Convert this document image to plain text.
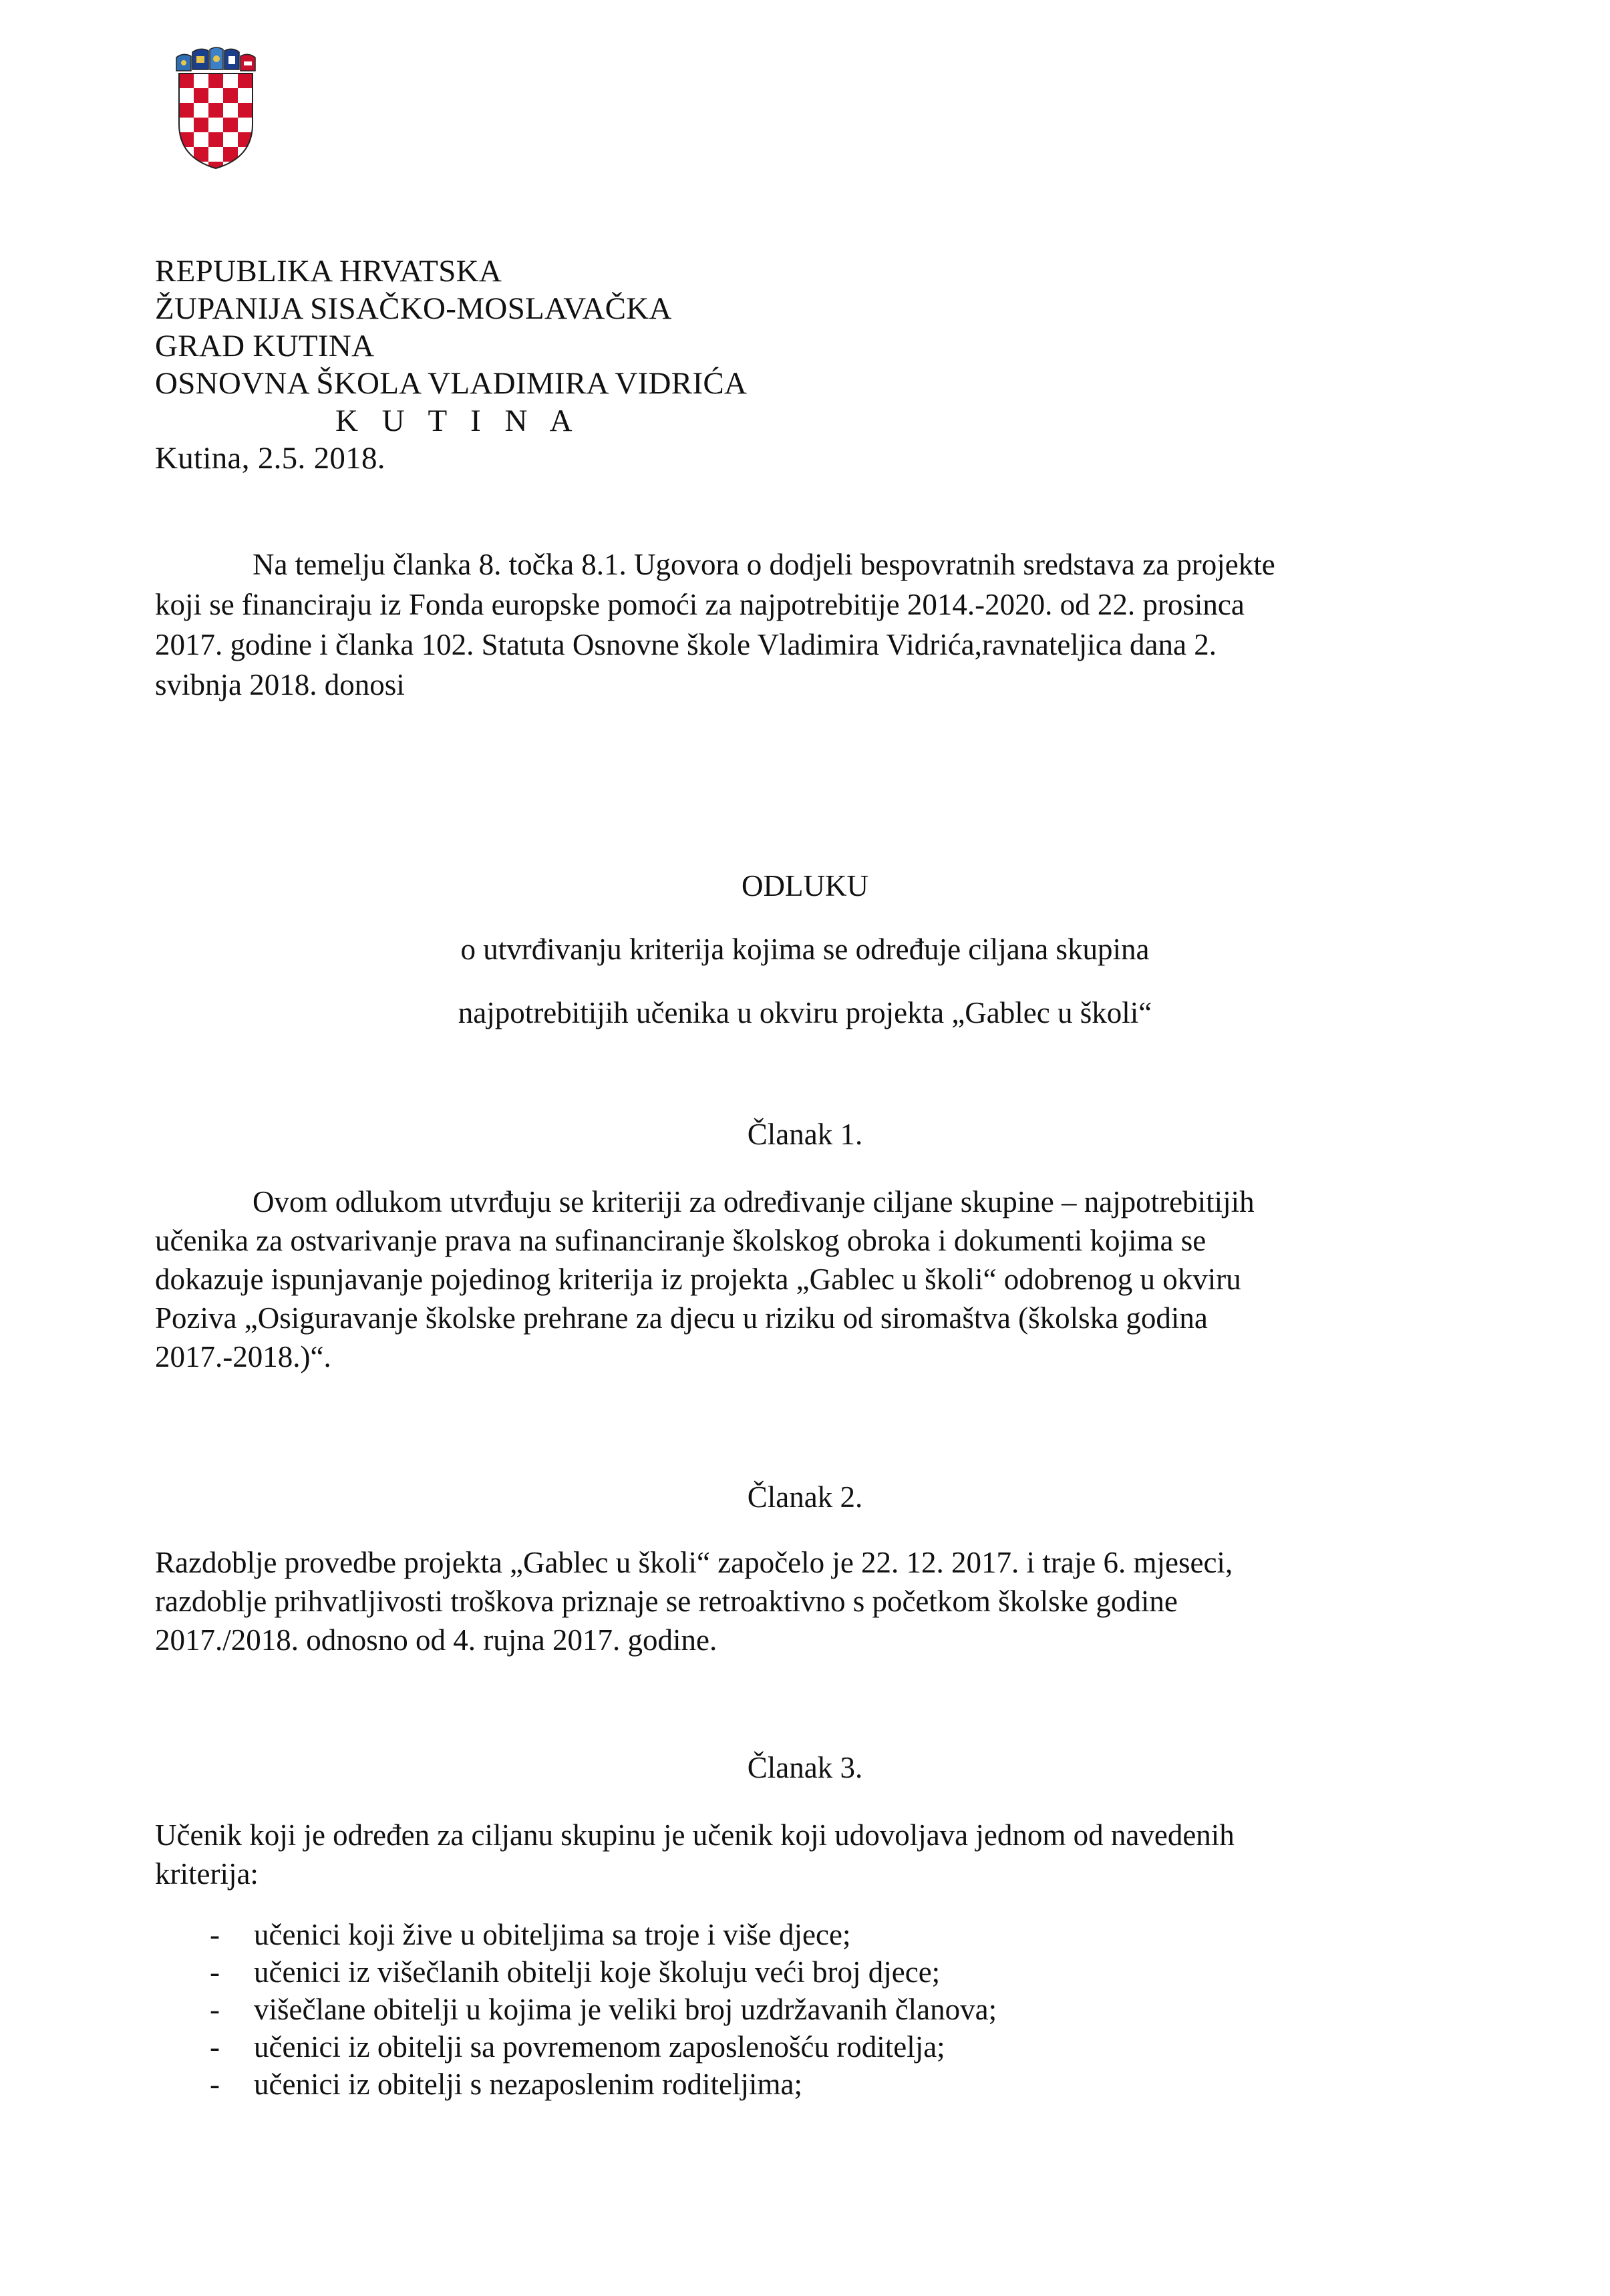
REPUBLIKA HRVATSKA
ŽUPANIJA SISAČKO-MOSLAVAČKA
GRAD KUTINA
OSNOVNA ŠKOLA VLADIMIRA VIDRIĆA
K U T I N A
Kutina, 2.5. 2018.
Na temelju članka 8. točka 8.1. Ugovora o dodjeli bespovratnih sredstava za projekte
koji se financiraju iz Fonda europske pomoći za najpotrebitije 2014.-2020. od 22. prosinca
2017. godine i članka 102. Statuta Osnovne škole Vladimira Vidrića,ravnateljica dana 2.
svibnja 2018. donosi
ODLUKU
o utvrđivanju kriterija kojima se određuje ciljana skupina
najpotrebitijih učenika u okviru projekta „Gablec u školi“
Članak 1.
Ovom odlukom utvrđuju se kriteriji za određivanje ciljane skupine – najpotrebitijih
učenika za ostvarivanje prava na sufinanciranje školskog obroka i dokumenti kojima se
dokazuje ispunjavanje pojedinog kriterija iz projekta „Gablec u školi“ odobrenog u okviru
Poziva „Osiguravanje školske prehrane za djecu u riziku od siromaštva (školska godina
2017.-2018.)“.
Članak 2.
Razdoblje provedbe projekta „Gablec u školi“ započelo je 22. 12. 2017. i traje 6. mjeseci,
razdoblje prihvatljivosti troškova priznaje se retroaktivno s početkom školske godine
2017./2018. odnosno od 4. rujna 2017. godine.
Članak 3.
Učenik koji je određen za ciljanu skupinu je učenik koji udovoljava jednom od navedenih
kriterija:
- učenici koji žive u obiteljima sa troje i više djece;
- učenici iz višečlanih obitelji koje školuju veći broj djece;
- višečlane obitelji u kojima je veliki broj uzdržavanih članova;
- učenici iz obitelji sa povremenom zaposlenošću roditelja;
- učenici iz obitelji s nezaposlenim roditeljima;
